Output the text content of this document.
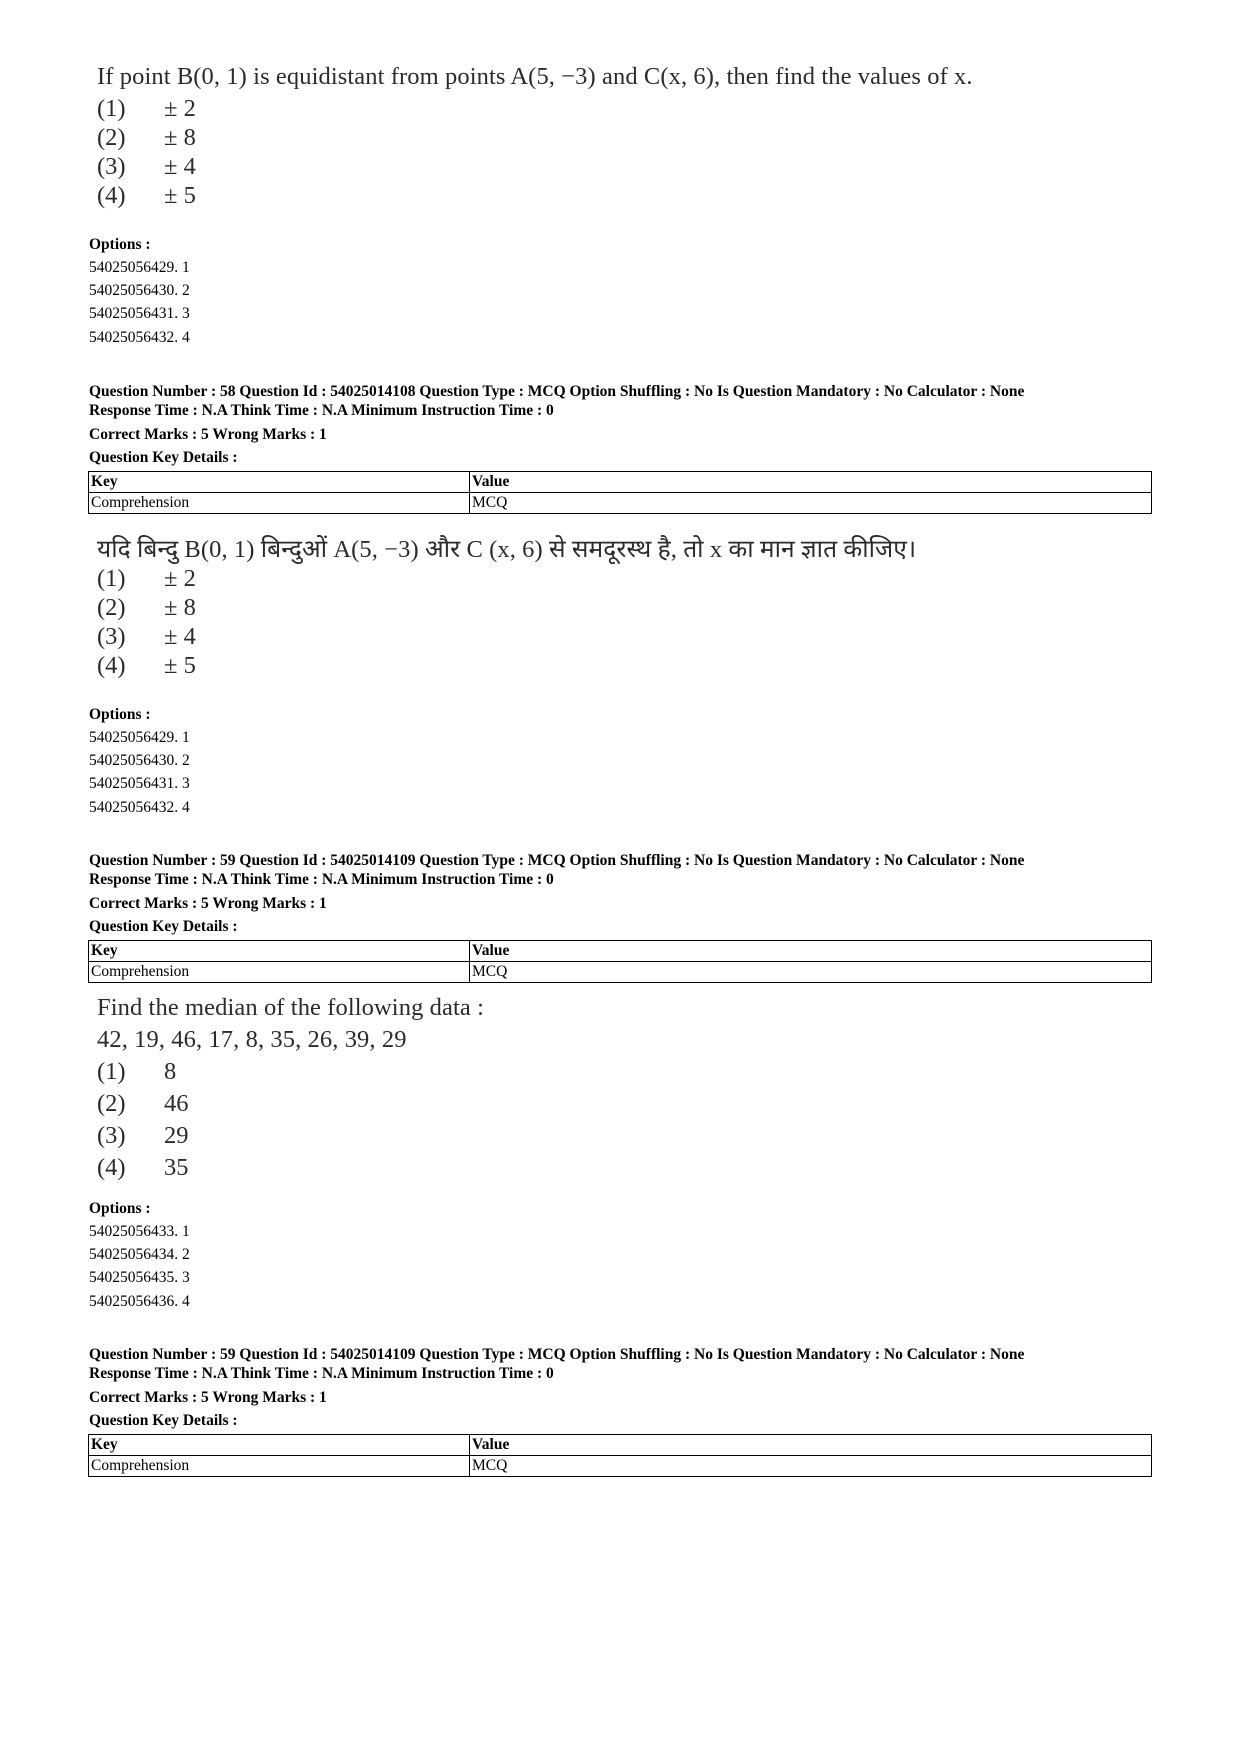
If point B(0, 1) is equidistant from points A(5, −3) and C(x, 6), then find the values of x.
(1) ± 2
(2) ± 8
(3) ± 4
(4) ± 5
Options :
54025056429. 1
54025056430. 2
54025056431. 3
54025056432. 4
Question Number : 58 Question Id : 54025014108 Question Type : MCQ Option Shuffling : No Is Question Mandatory : No Calculator : None
Response Time : N.A Think Time : N.A Minimum Instruction Time : 0
Correct Marks : 5 Wrong Marks : 1
Question Key Details :
Key	Value
Comprehension	MCQ
यदि बिन्दु B(0, 1) बिन्दुओं A(5, −3) और C (x, 6) से समदूरस्थ है, तो x का मान ज्ञात कीजिए।
(1) ± 2
(2) ± 8
(3) ± 4
(4) ± 5
Options :
54025056429. 1
54025056430. 2
54025056431. 3
54025056432. 4
Question Number : 59 Question Id : 54025014109 Question Type : MCQ Option Shuffling : No Is Question Mandatory : No Calculator : None
Response Time : N.A Think Time : N.A Minimum Instruction Time : 0
Correct Marks : 5 Wrong Marks : 1
Question Key Details :
Key	Value
Comprehension	MCQ
Find the median of the following data :
42, 19, 46, 17, 8, 35, 26, 39, 29
(1) 8
(2) 46
(3) 29
(4) 35
Options :
54025056433. 1
54025056434. 2
54025056435. 3
54025056436. 4
Question Number : 59 Question Id : 54025014109 Question Type : MCQ Option Shuffling : No Is Question Mandatory : No Calculator : None
Response Time : N.A Think Time : N.A Minimum Instruction Time : 0
Correct Marks : 5 Wrong Marks : 1
Question Key Details :
Key	Value
Comprehension	MCQ
